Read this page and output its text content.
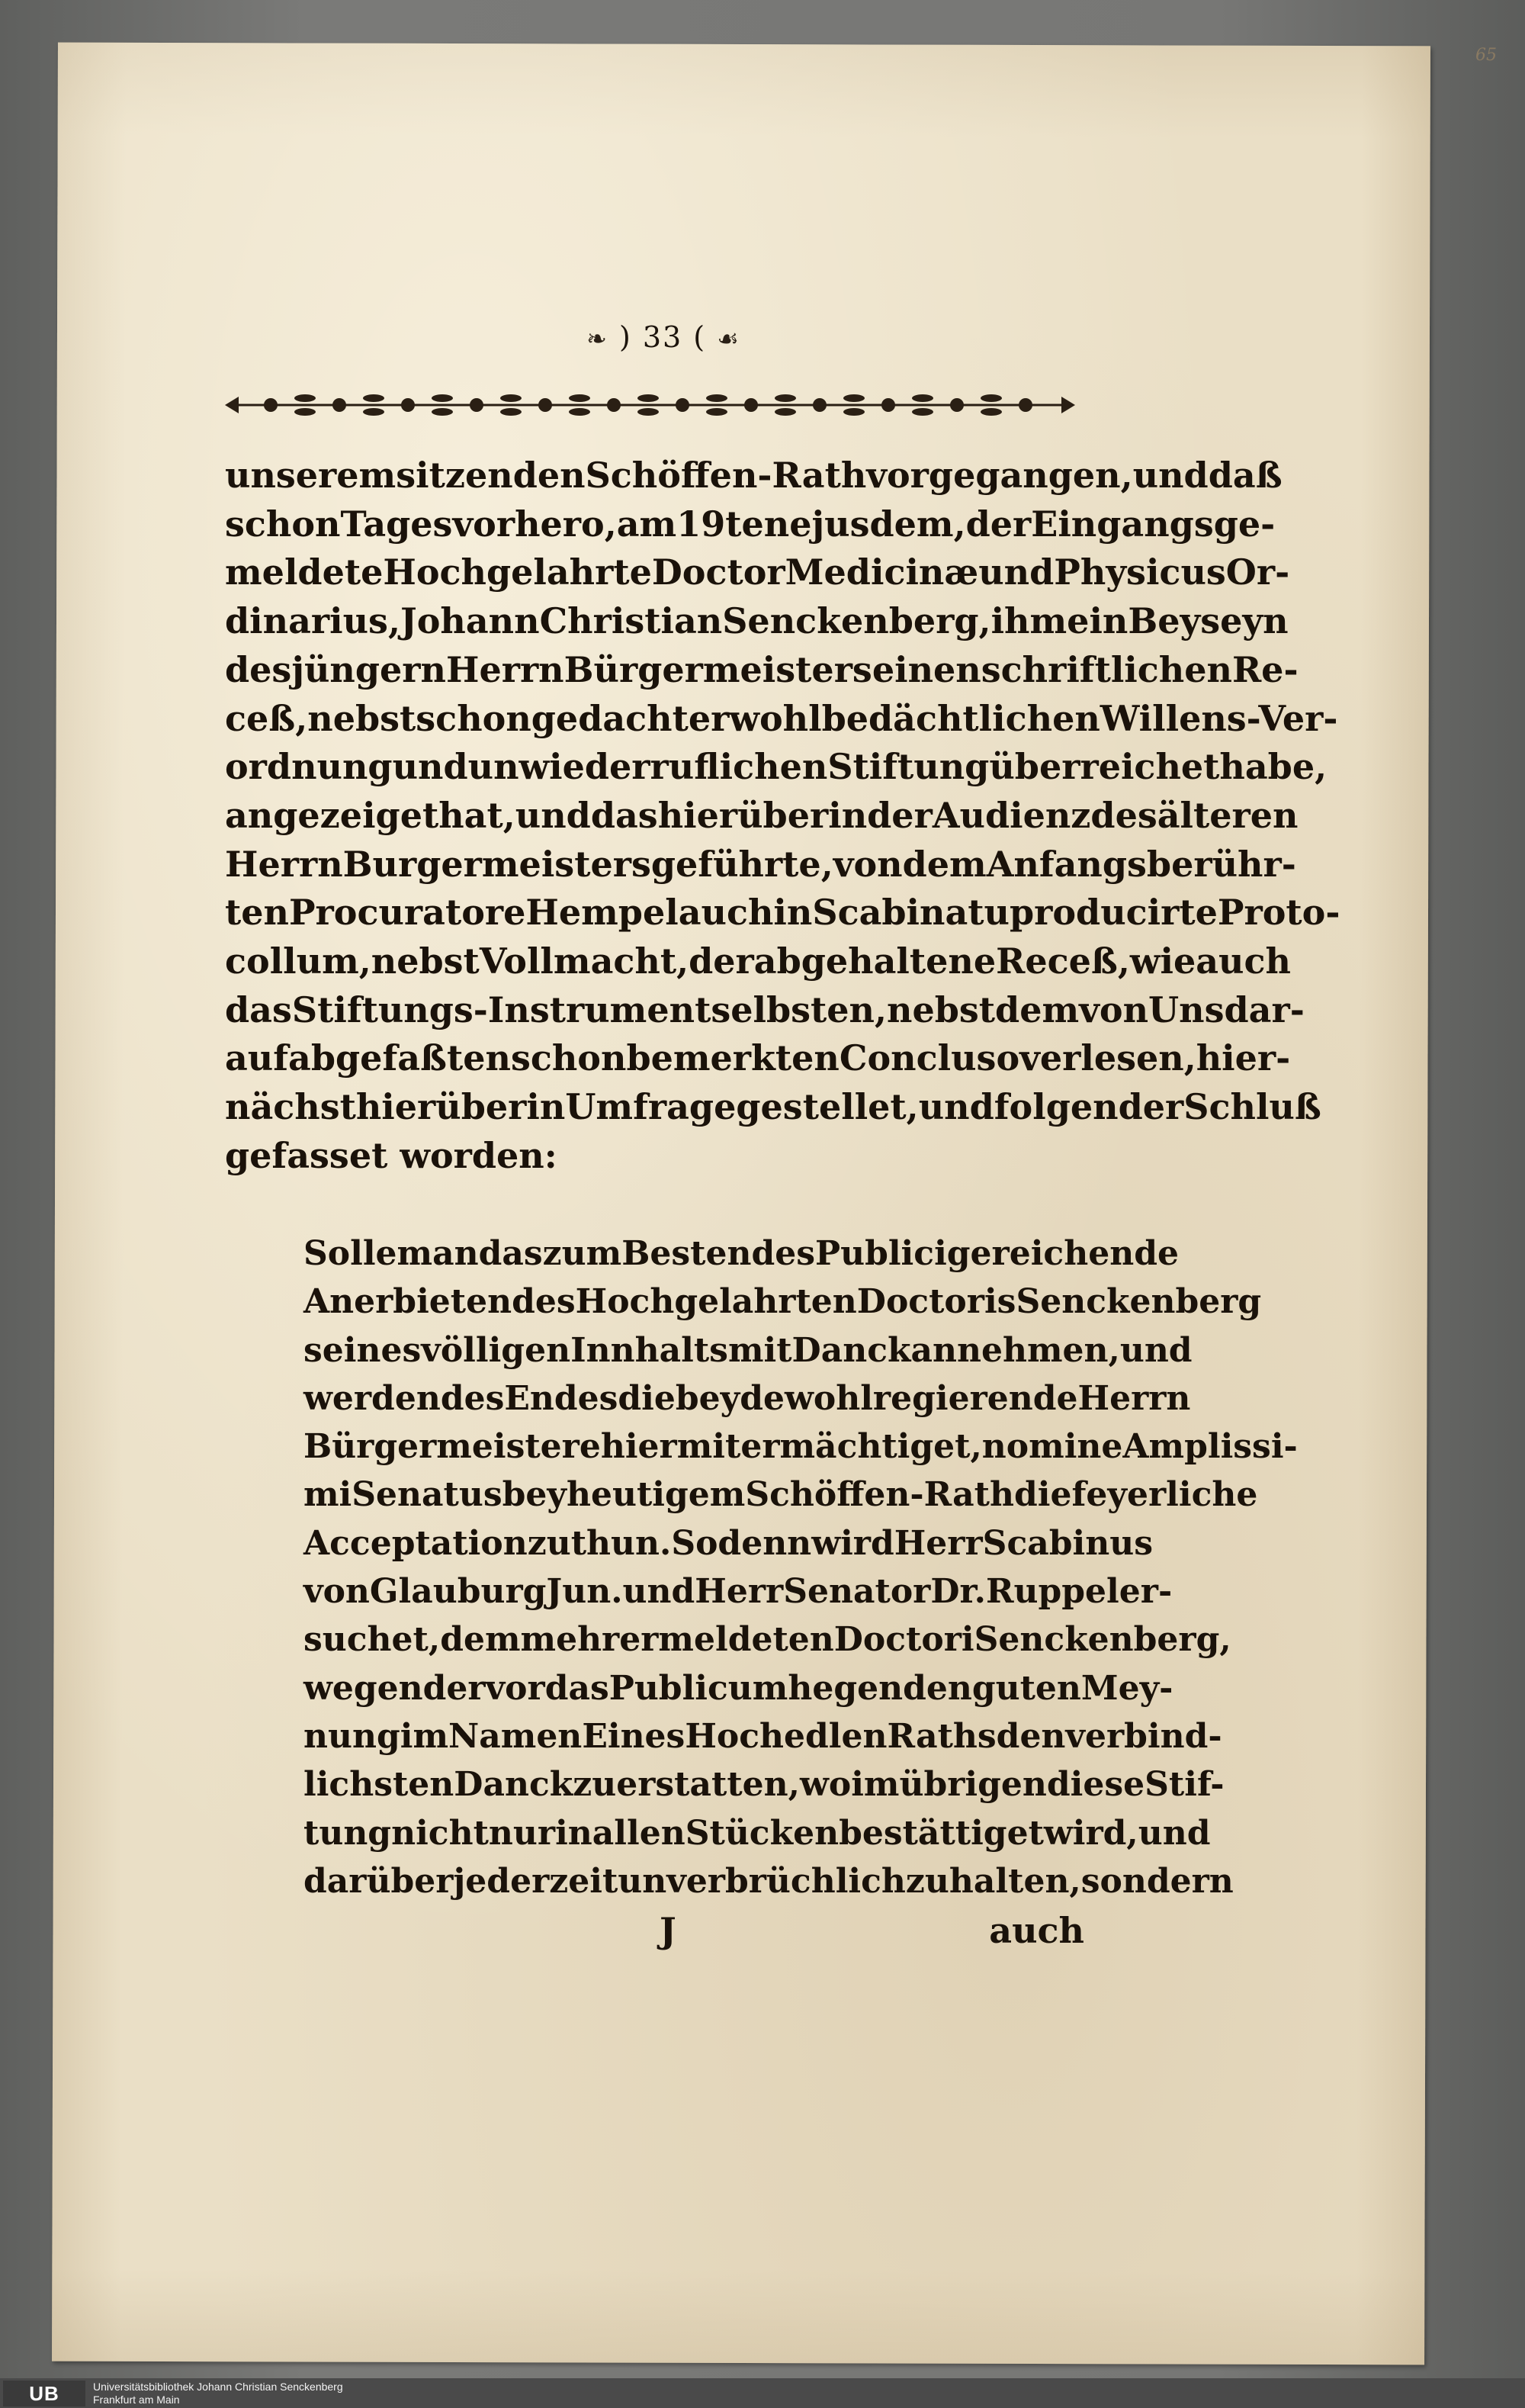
65
❧ ) 33 ( ☙
unserem sitzenden Schöffen-Rath vorgegangen, und daß
schon Tages vorhero, am 19ten ejusdem, der Eingangs ge-
meldete Hochgelahrte Doctor Medicinæ und Physicus Or-
dinarius, Johann Christian Senckenberg, ihme in Beyseyn
des jüngern Herrn Bürgermeisters einen schriftlichen Re-
ceß, nebst schon gedachter wohlbedächtlichen Willens-Ver-
ordnung und unwiederruflichen Stiftung überreichet habe,
angezeiget hat, und das hierüber in der Audienz des älteren
Herrn Burgermeisters geführte, von dem Anfangs berühr-
ten Procuratore Hempel auch in Scabinatu producirte Proto-
collum, nebst Vollmacht, der abgehaltene Receß, wie auch
das Stiftungs-Instrument selbsten, nebst dem von Uns dar-
auf abgefaßten schon bemerkten Concluso verlesen, hier-
nächst hierüber in Umfrage gestellet, und folgender Schluß
gefasset worden:
Solle man das zum Besten des Publici gereichende
Anerbieten des Hochgelahrten Doctoris Senckenberg
seines völligen Innhalts mit Danck annehmen, und
werden des Endes die beyde wohlregierende Herrn
Bürgermeistere hiermit ermächtiget, nomine Amplissi-
mi Senatus bey heutigem Schöffen-Rath die feyerliche
Acceptation zu thun. Sodenn wird Herr Scabinus
von Glauburg Jun. und Herr Senator Dr. Ruppel er-
suchet, dem mehr ermeldeten Doctori Senckenberg,
wegen der vor das Publicum hegenden guten Mey-
nung im Namen Eines Hochedlen Raths den verbind-
lichsten Danck zu erstatten, wo im übrigen diese Stif-
tung nicht nur in allen Stücken bestättiget wird, und
darüber jederzeit unverbrüchlich zu halten, sondern
J	auch
UB	Universitätsbibliothek Johann Christian Senckenberg
Frankfurt am Main
